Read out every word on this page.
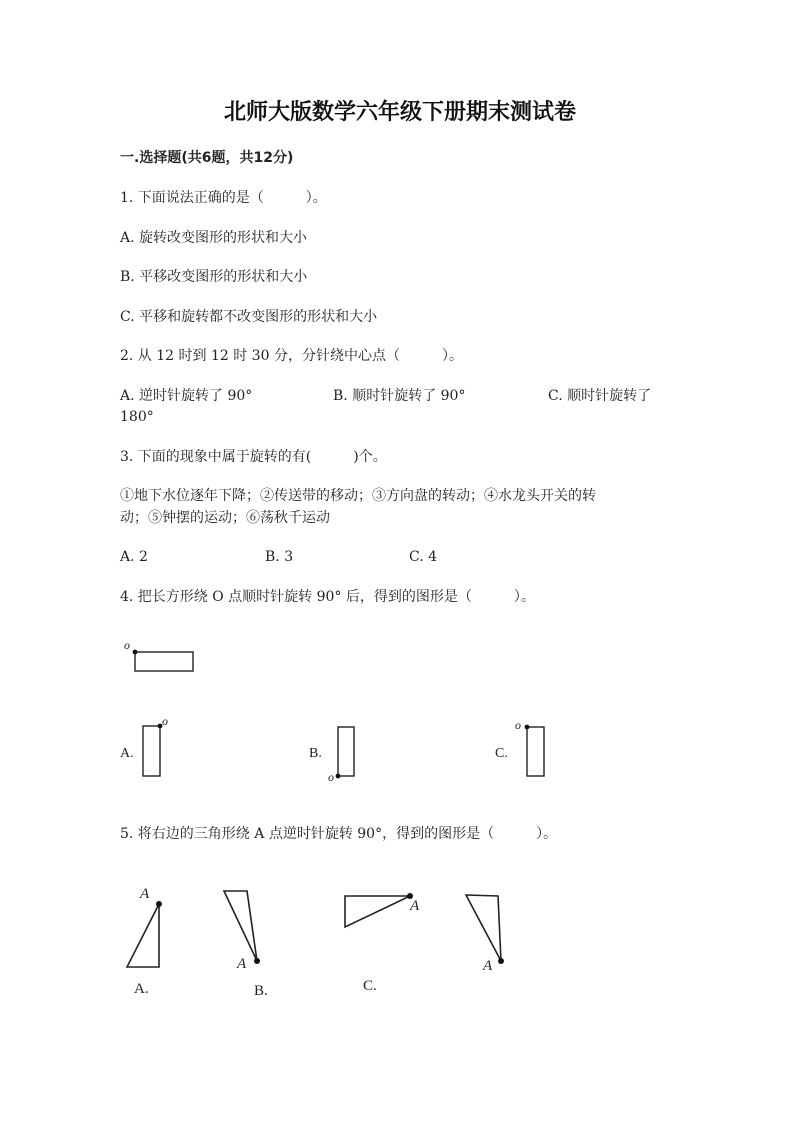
北师大版数学六年级下册期末测试卷
一.选择题(共6题，共12分)
1. 下面说法正确的是（　　　）。
A. 旋转改变图形的形状和大小
B. 平移改变图形的形状和大小
C. 平移和旋转都不改变图形的形状和大小
2. 从 12 时到 12 时 30 分，分针绕中心点（　　　）。
A. 逆时针旋转了 90°	B. 顺时针旋转了 90°	C. 顺时针旋转了
180°
3. 下面的现象中属于旋转的有(　　　)个。
①地下水位逐年下降；②传送带的移动；③方向盘的转动；④水龙头开关的转
动；⑤钟摆的运动；⑥荡秋千运动
A. 2	B. 3	C. 4
4. 把长方形绕 O 点顺时针旋转 90° 后，得到的图形是（　　　）。
o
A.
o
B.
o
C.
o
5. 将右边的三角形绕 A 点逆时针旋转 90°，得到的图形是（　　　）。
A
A.
A
B.
A
C.
A
